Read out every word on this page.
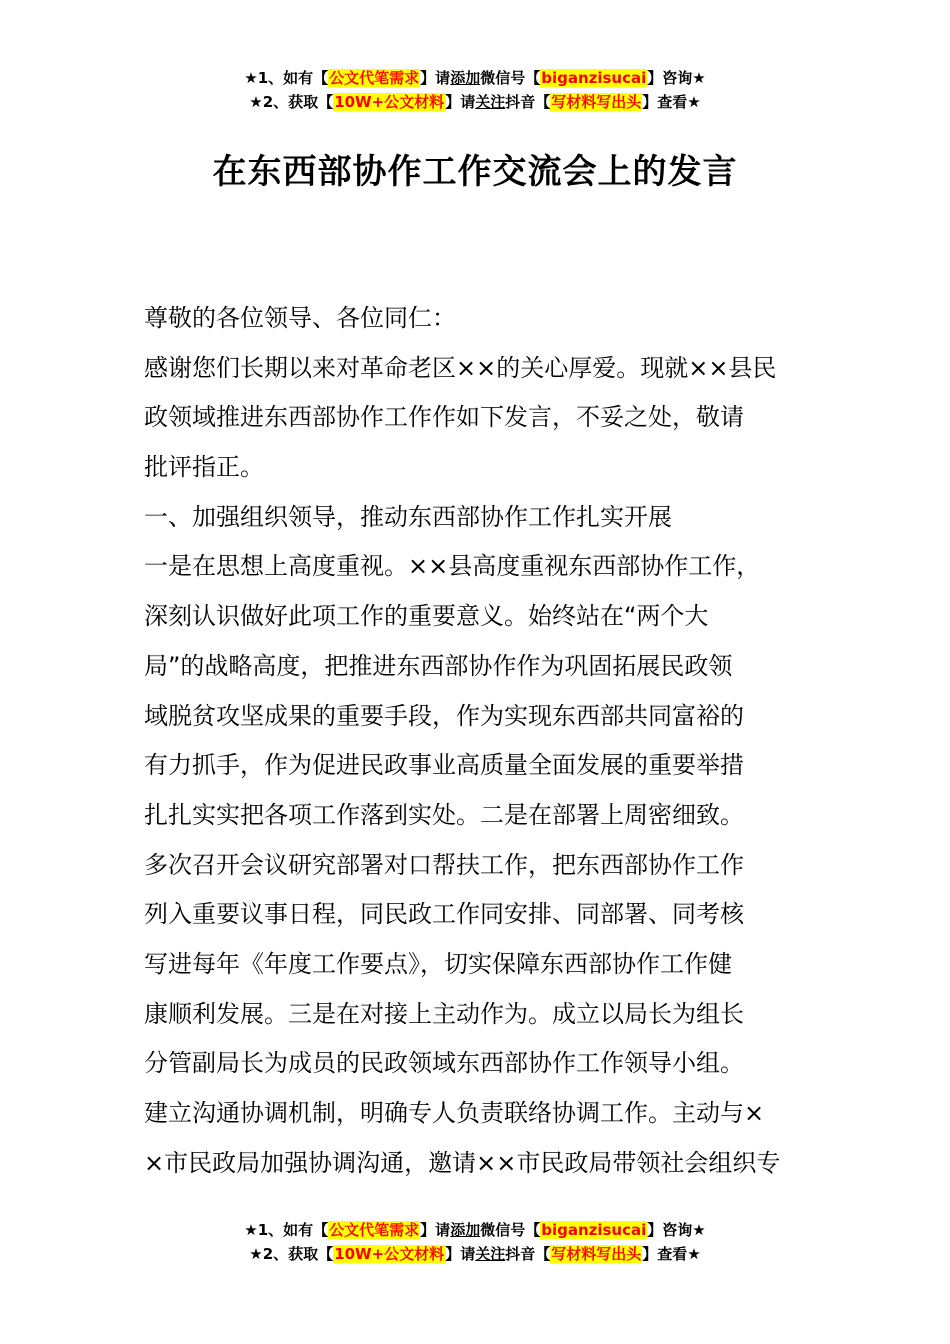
★1、如有【公文代笔需求】请添加微信号【biganzisucai】咨询★
★2、获取【10W+公文材料】请关注抖音【写材料写出头】查看★
在东西部协作工作交流会上的发言
尊敬的各位领导、各位同仁：
感谢您们长期以来对革命老区××的关心厚爱。现就××县民
政领域推进东西部协作工作作如下发言，不妥之处，敬请
批评指正。
一、加强组织领导，推动东西部协作工作扎实开展
一是在思想上高度重视。××县高度重视东西部协作工作，
深刻认识做好此项工作的重要意义。始终站在“两个大
局”的战略高度，把推进东西部协作作为巩固拓展民政领
域脱贫攻坚成果的重要手段，作为实现东西部共同富裕的
有力抓手，作为促进民政事业高质量全面发展的重要举措
扎扎实实把各项工作落到实处。二是在部署上周密细致。
多次召开会议研究部署对口帮扶工作，把东西部协作工作
列入重要议事日程，同民政工作同安排、同部署、同考核
写进每年《年度工作要点》，切实保障东西部协作工作健
康顺利发展。三是在对接上主动作为。成立以局长为组长
分管副局长为成员的民政领域东西部协作工作领导小组。
建立沟通协调机制，明确专人负责联络协调工作。主动与×
×市民政局加强协调沟通，邀请××市民政局带领社会组织专
★1、如有【公文代笔需求】请添加微信号【biganzisucai】咨询★
★2、获取【10W+公文材料】请关注抖音【写材料写出头】查看★
